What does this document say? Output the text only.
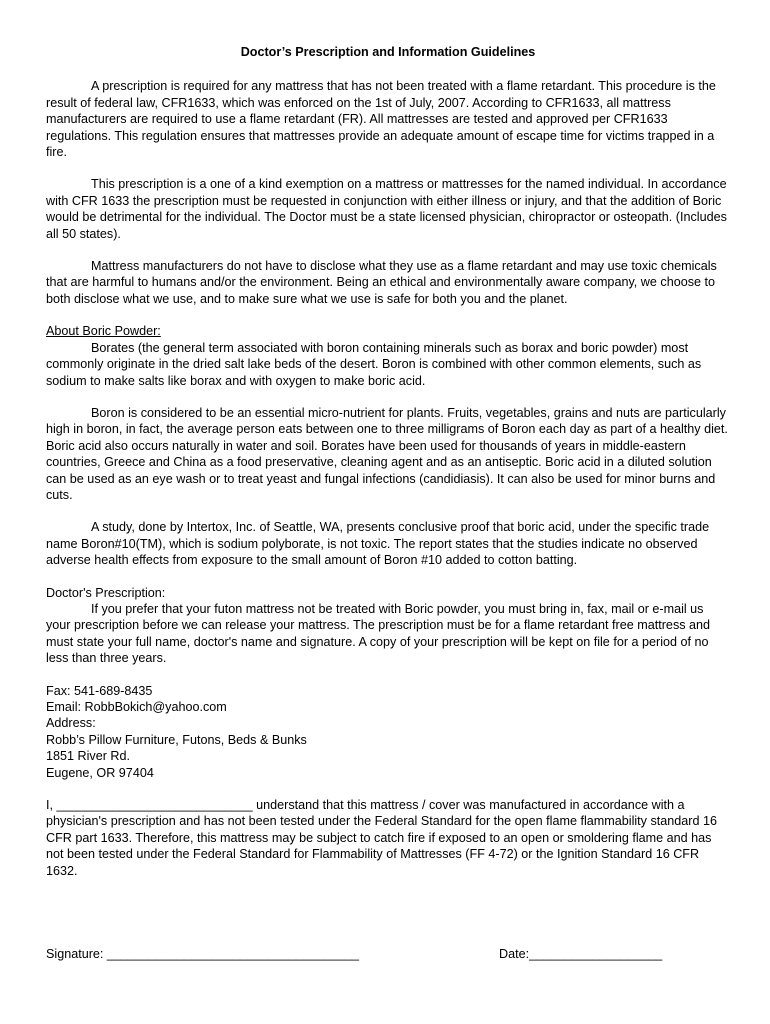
Doctor’s Prescription and Information Guidelines

A prescription is required for any mattress that has not been treated with a flame retardant. This procedure is the result of federal law, CFR1633, which was enforced on the 1st of July, 2007. According to CFR1633, all mattress manufacturers are required to use a flame retardant (FR). All mattresses are tested and approved per CFR1633 regulations. This regulation ensures that mattresses provide an adequate amount of escape time for victims trapped in a fire.

This prescription is a one of a kind exemption on a mattress or mattresses for the named individual. In accordance with CFR 1633 the prescription must be requested in conjunction with either illness or injury, and that the addition of Boric would be detrimental for the individual. The Doctor must be a state licensed physician, chiropractor or osteopath. (Includes all 50 states).

Mattress manufacturers do not have to disclose what they use as a flame retardant and may use toxic chemicals that are harmful to humans and/or the environment. Being an ethical and environmentally aware company, we choose to both disclose what we use, and to make sure what we use is safe for both you and the planet.

About Boric Powder:

Borates (the general term associated with boron containing minerals such as borax and boric powder) most commonly originate in the dried salt lake beds of the desert. Boron is combined with other common elements, such as sodium to make salts like borax and with oxygen to make boric acid.

Boron is considered to be an essential micro-nutrient for plants. Fruits, vegetables, grains and nuts are particularly high in boron, in fact, the average person eats between one to three milligrams of Boron each day as part of a healthy diet. Boric acid also occurs naturally in water and soil. Borates have been used for thousands of years in middle-eastern countries, Greece and China as a food preservative, cleaning agent and as an antiseptic. Boric acid in a diluted solution can be used as an eye wash or to treat yeast and fungal infections (candidiasis). It can also be used for minor burns and cuts.

A study, done by Intertox, Inc. of Seattle, WA, presents conclusive proof that boric acid, under the specific trade name Boron#10(TM), which is sodium polyborate, is not toxic. The report states that the studies indicate no observed adverse health effects from exposure to the small amount of Boron #10 added to cotton batting.

Doctor's Prescription:

If you prefer that your futon mattress not be treated with Boric powder, you must bring in, fax, mail or e-mail us your prescription before we can release your mattress. The prescription must be for a flame retardant free mattress and must state your full name, doctor's name and signature. A copy of your prescription will be kept on file for a period of no less than three years.

Fax: 541-689-8435
Email: RobbBokich@yahoo.com
Address:
Robb’s Pillow Furniture, Futons, Beds & Bunks
1851 River Rd.
Eugene, OR 97404

I, ____________________________ understand that this mattress / cover was manufactured in accordance with a physician's prescription and has not been tested under the Federal Standard for the open flame flammability standard 16 CFR part 1633. Therefore, this mattress may be subject to catch fire if exposed to an open or smoldering flame and has not been tested under the Federal Standard for Flammability of Mattresses (FF 4-72) or the Ignition Standard 16 CFR 1632.

Signature: ____________________________________	Date:___________________
